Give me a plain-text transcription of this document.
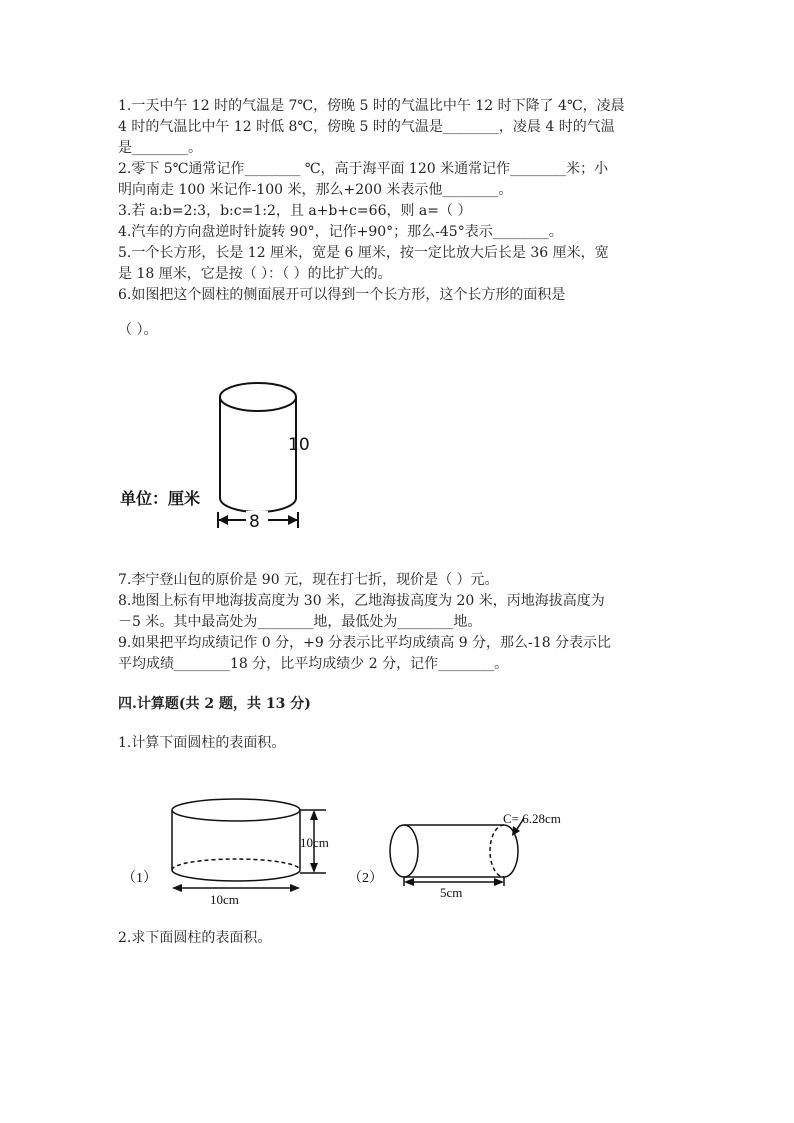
1.一天中午 12 时的气温是 7℃，傍晚 5 时的气温比中午 12 时下降了 4℃，凌晨
4 时的气温比中午 12 时低 8℃，傍晚 5 时的气温是________，凌晨 4 时的气温
是________。
2.零下 5℃通常记作________ ℃，高于海平面 120 米通常记作________米；小
明向南走 100 米记作-100 米，那么+200 米表示他________。
3.若 a:b=2:3，b:c=1:2，且 a+b+c=66，则 a=（ ）
4.汽车的方向盘逆时针旋转 90°，记作+90°；那么-45°表示________。
5.一个长方形，长是 12 厘米，宽是 6 厘米，按一定比放大后长是 36 厘米，宽
是 18 厘米，它是按（ ）：（ ）的比扩大的。
6.如图把这个圆柱的侧面展开可以得到一个长方形，这个长方形的面积是
（ ）。
10
8
单位：厘米
7.李宁登山包的原价是 90 元，现在打七折，现价是（ ）元。
8.地图上标有甲地海拔高度为 30 米，乙地海拔高度为 20 米，丙地海拔高度为
－5 米。其中最高处为________地，最低处为________地。
9.如果把平均成绩记作 0 分，+9 分表示比平均成绩高 9 分，那么-18 分表示比
平均成绩________18 分，比平均成绩少 2 分，记作________。
四.计算题(共 2 题，共 13 分)
1.计算下面圆柱的表面积。
10cm
10cm
（1）
C= 6.28cm
5cm
（2）
2.求下面圆柱的表面积。
